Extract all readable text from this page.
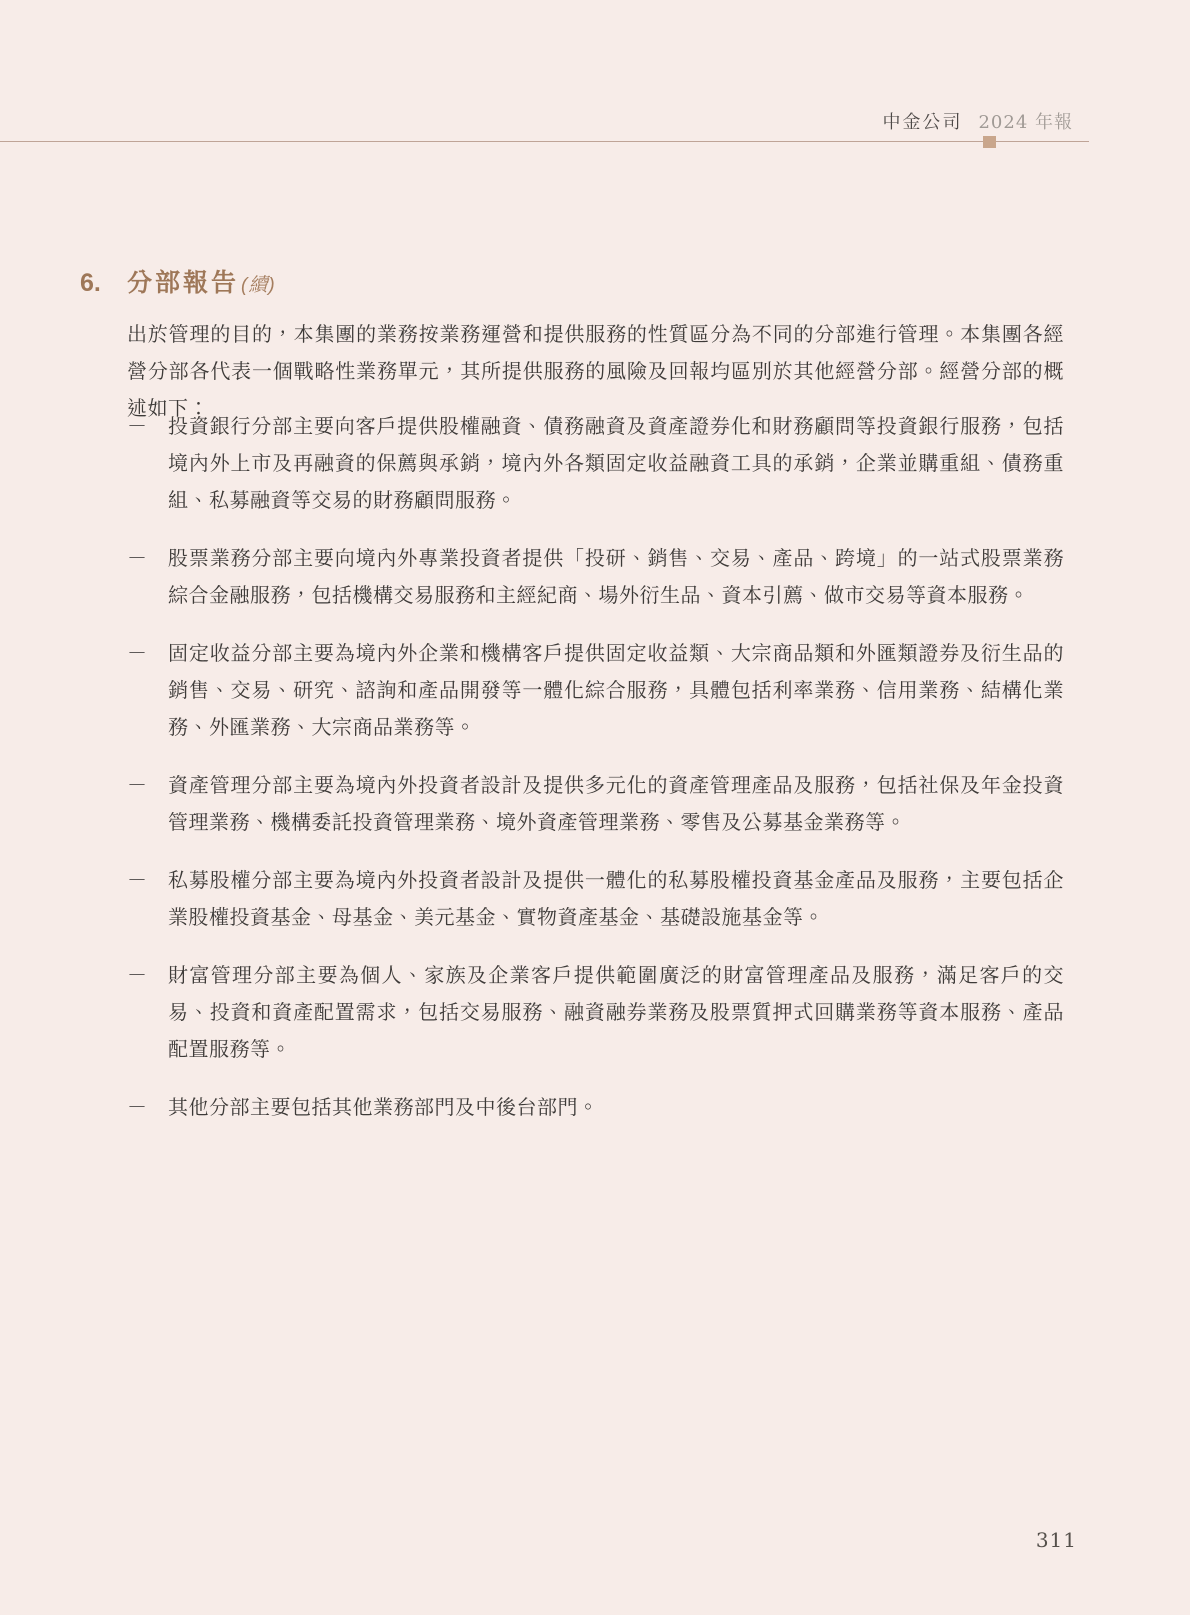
中金公司 2024 年報
6.	分部報告 (續)
出於管理的目的，本集團的業務按業務運營和提供服務的性質區分為不同的分部進行管理。本集團各經營分部各代表一個戰略性業務單元，其所提供服務的風險及回報均區別於其他經營分部。經營分部的概述如下：
－	投資銀行分部主要向客戶提供股權融資、債務融資及資產證券化和財務顧問等投資銀行服務，包括境內外上市及再融資的保薦與承銷，境內外各類固定收益融資工具的承銷，企業並購重組、債務重組、私募融資等交易的財務顧問服務。
－	股票業務分部主要向境內外專業投資者提供「投研、銷售、交易、產品、跨境」的一站式股票業務綜合金融服務，包括機構交易服務和主經紀商、場外衍生品、資本引薦、做市交易等資本服務。
－	固定收益分部主要為境內外企業和機構客戶提供固定收益類、大宗商品類和外匯類證券及衍生品的銷售、交易、研究、諮詢和產品開發等一體化綜合服務，具體包括利率業務、信用業務、結構化業務、外匯業務、大宗商品業務等。
－	資產管理分部主要為境內外投資者設計及提供多元化的資產管理產品及服務，包括社保及年金投資管理業務、機構委託投資管理業務、境外資產管理業務、零售及公募基金業務等。
－	私募股權分部主要為境內外投資者設計及提供一體化的私募股權投資基金產品及服務，主要包括企業股權投資基金、母基金、美元基金、實物資產基金、基礎設施基金等。
－	財富管理分部主要為個人、家族及企業客戶提供範圍廣泛的財富管理產品及服務，滿足客戶的交易、投資和資產配置需求，包括交易服務、融資融券業務及股票質押式回購業務等資本服務、產品配置服務等。
－	其他分部主要包括其他業務部門及中後台部門。
311
